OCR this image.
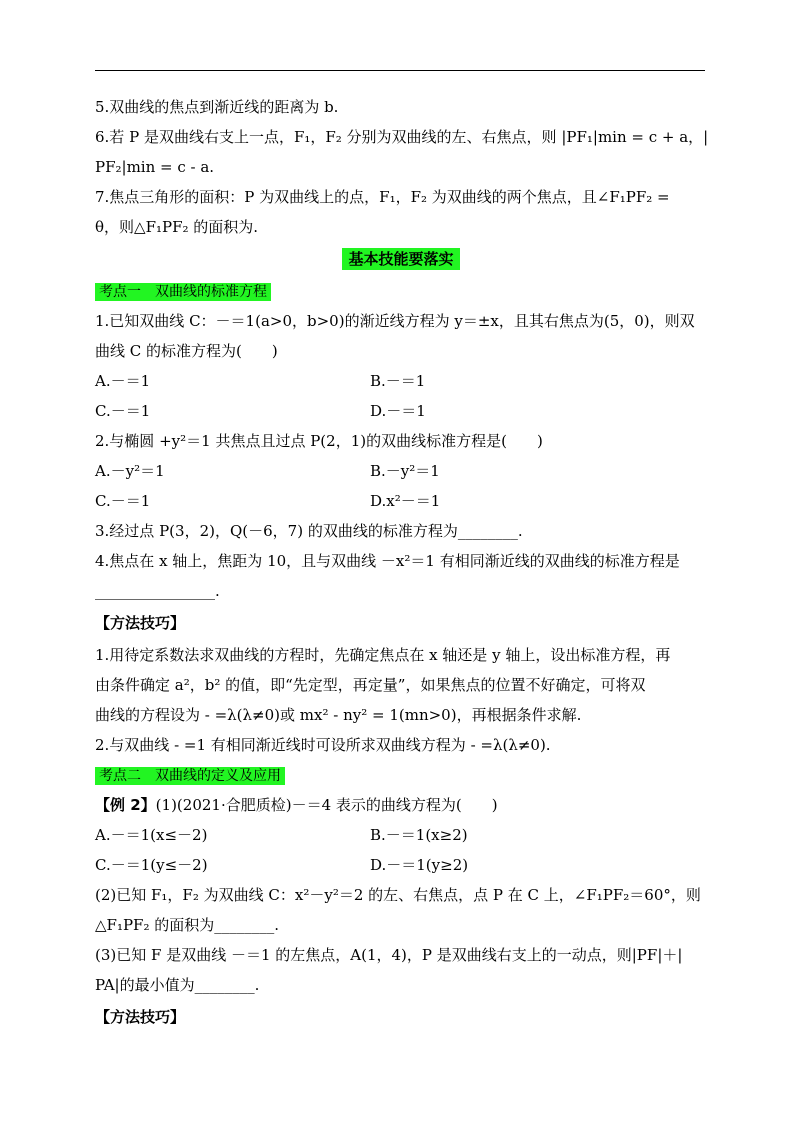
5.双曲线的焦点到渐近线的距离为 b.
6.若 P 是双曲线右支上一点，F₁，F₂ 分别为双曲线的左、右焦点，则 |PF₁|min = c + a，|
PF₂|min = c - a.
7.焦点三角形的面积：P 为双曲线上的点，F₁，F₂ 为双曲线的两个焦点，且∠F₁PF₂ =
θ，则△F₁PF₂ 的面积为.
基本技能要落实
考点一　双曲线的标准方程
1.已知双曲线 C：－＝1(a>0，b>0)的渐近线方程为 y＝±x，且其右焦点为(5，0)，则双
曲线 C 的标准方程为(　　)
A.－＝1	B.－＝1
C.－＝1	D.－＝1
2.与椭圆 +y²＝1 共焦点且过点 P(2，1)的双曲线标准方程是(　　)
A.－y²＝1	B.－y²＝1
C.－＝1	D.x²－＝1
3.经过点 P(3，2)，Q(－6，7) 的双曲线的标准方程为________.
4.焦点在 x 轴上，焦距为 10，且与双曲线 －x²＝1 有相同渐近线的双曲线的标准方程是
________________.
【方法技巧】
1.用待定系数法求双曲线的方程时，先确定焦点在 x 轴还是 y 轴上，设出标准方程，再
由条件确定 a²，b² 的值，即“先定型，再定量”，如果焦点的位置不好确定，可将双
曲线的方程设为 - =λ(λ≠0)或 mx² - ny² = 1(mn>0)，再根据条件求解.
2.与双曲线 - =1 有相同渐近线时可设所求双曲线方程为 - =λ(λ≠0).
考点二　双曲线的定义及应用
【例 2】(1)(2021·合肥质检)－＝4 表示的曲线方程为(　　)
A.－＝1(x≤－2)	B.－＝1(x≥2)
C.－＝1(y≤－2)	D.－＝1(y≥2)
(2)已知 F₁，F₂ 为双曲线 C：x²－y²＝2 的左、右焦点，点 P 在 C 上，∠F₁PF₂＝60°，则
△F₁PF₂ 的面积为________.
(3)已知 F 是双曲线 －＝1 的左焦点，A(1，4)，P 是双曲线右支上的一动点，则|PF|＋|
PA|的最小值为________.
【方法技巧】
